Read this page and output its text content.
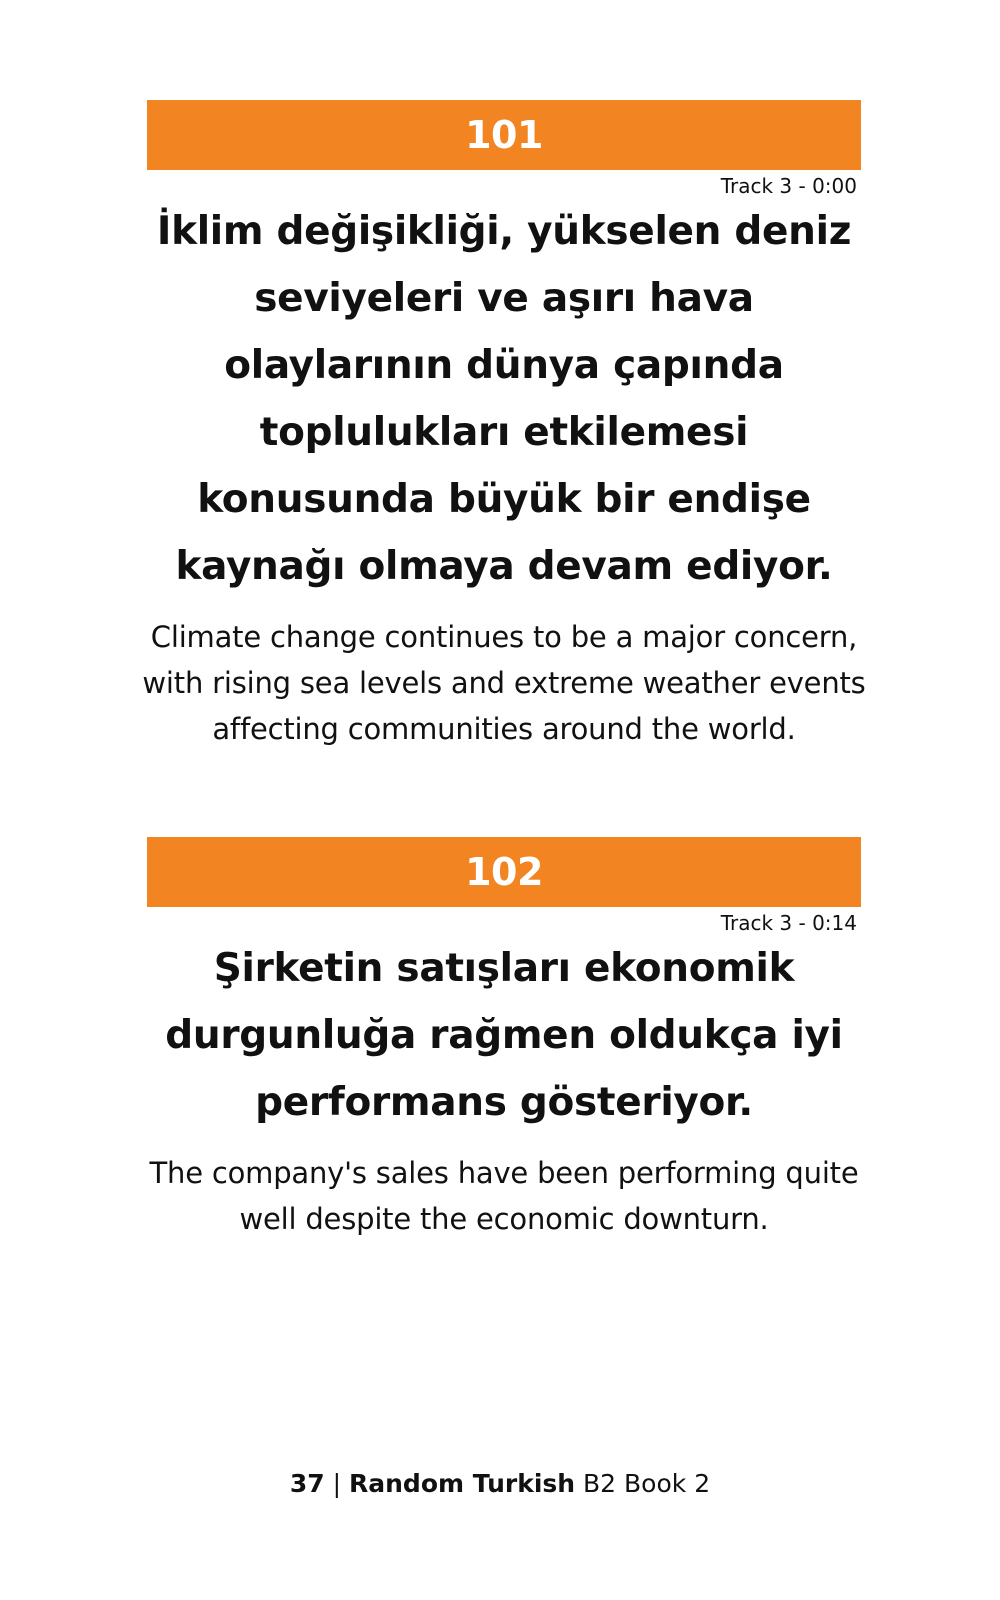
101
Track 3 - 0:00
İklim değişikliği, yükselen deniz seviyeleri ve aşırı hava olaylarının dünya çapında toplulukları etkilemesi konusunda büyük bir endişe kaynağı olmaya devam ediyor.
Climate change continues to be a major concern, with rising sea levels and extreme weather events affecting communities around the world.
102
Track 3 - 0:14
Şirketin satışları ekonomik durgunluğa rağmen oldukça iyi performans gösteriyor.
The company's sales have been performing quite well despite the economic downturn.
37 | Random Turkish B2 Book 2
